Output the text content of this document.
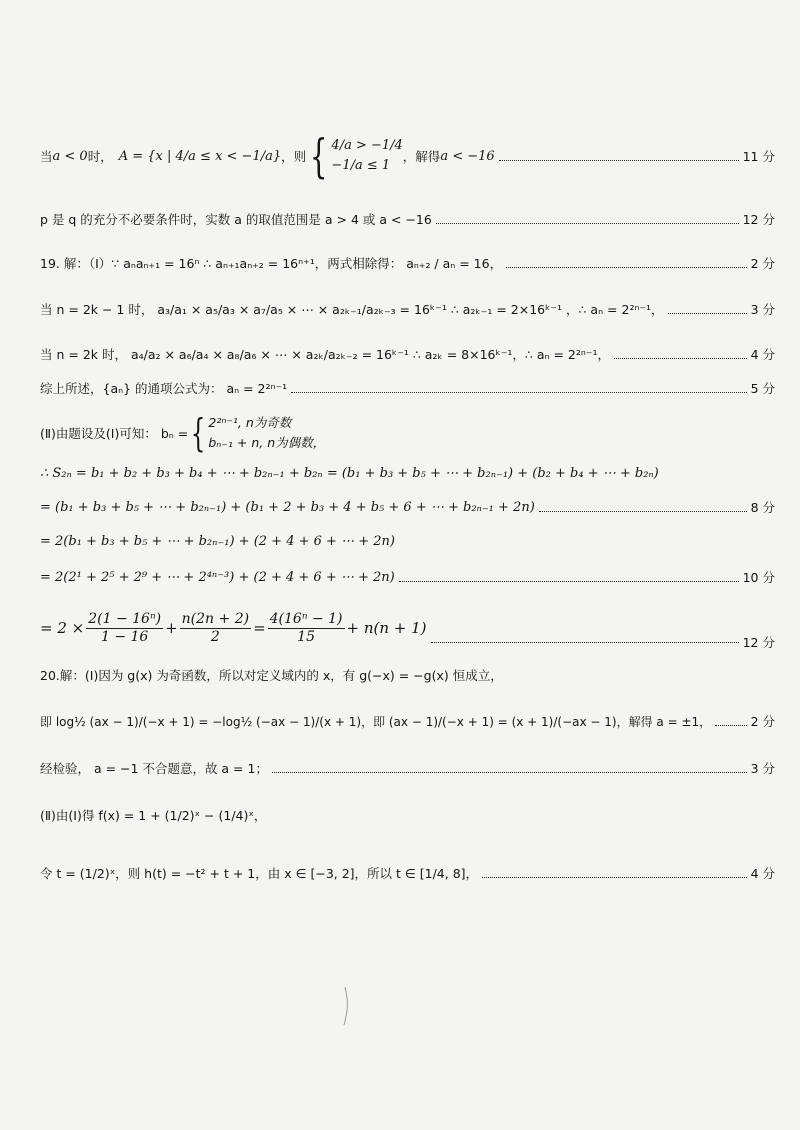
当 a < 0 时， A = {x | 4/a ≤ x < −1/a} ，则 { 4/a > −1/4
−1/a ≤ 1
，解得 a < −16	11 分
p 是 q 的充分不必要条件时，实数 a 的取值范围是 a > 4 或 a < −16	12 分
19. 解：（Ⅰ）∵ aₙaₙ₊₁ = 16ⁿ ∴ aₙ₊₁aₙ₊₂ = 16ⁿ⁺¹，两式相除得： aₙ₊₂ / aₙ = 16，	2 分
当 n = 2k − 1 时， a₃/a₁ × a₅/a₃ × a₇/a₅ × ⋯ × a₂ₖ₋₁/a₂ₖ₋₃ = 16ᵏ⁻¹ ∴ a₂ₖ₋₁ = 2×16ᵏ⁻¹ ，∴ aₙ = 2²ⁿ⁻¹，	3 分
当 n = 2k 时， a₄/a₂ × a₆/a₄ × a₈/a₆ × ⋯ × a₂ₖ/a₂ₖ₋₂ = 16ᵏ⁻¹ ∴ a₂ₖ = 8×16ᵏ⁻¹，∴ aₙ = 2²ⁿ⁻¹，	4 分
综上所述，{aₙ} 的通项公式为： aₙ = 2²ⁿ⁻¹	5 分
(Ⅱ)由题设及(Ⅰ)可知： bₙ = { 2²ⁿ⁻¹, n为奇数
bₙ₋₁ + n, n为偶数，
∴ S₂ₙ = b₁ + b₂ + b₃ + b₄ + ⋯ + b₂ₙ₋₁ + b₂ₙ = (b₁ + b₃ + b₅ + ⋯ + b₂ₙ₋₁) + (b₂ + b₄ + ⋯ + b₂ₙ)
= (b₁ + b₃ + b₅ + ⋯ + b₂ₙ₋₁) + (b₁ + 2 + b₃ + 4 + b₅ + 6 + ⋯ + b₂ₙ₋₁ + 2n)	8 分
= 2(b₁ + b₃ + b₅ + ⋯ + b₂ₙ₋₁) + (2 + 4 + 6 + ⋯ + 2n)
= 2(2¹ + 2⁵ + 2⁹ + ⋯ + 2⁴ⁿ⁻³) + (2 + 4 + 6 + ⋯ + 2n)	10 分
= $2 \times \frac{\text{2(1 − 16ⁿ)}}{1 - 16} + \frac{n(2n + 2)}{2} = \frac{\text{4(16ⁿ − 1)}}{15} + n(n + 1)$
12 分
20.解：(Ⅰ)因为 g(x) 为奇函数，所以对定义域内的 x，有 g(−x) = −g(x) 恒成立，
即 log½ (ax − 1)/(−x + 1) = −log½ (−ax − 1)/(x + 1)，即 (ax − 1)/(−x + 1) = (x + 1)/(−ax − 1)，解得 a = ±1，	2 分
经检验， a = −1 不合题意，故 a = 1；	3 分
(Ⅱ)由(Ⅰ)得 f(x) = 1 + (1/2)ˣ − (1/4)ˣ，
令 t = (1/2)ˣ，则 h(t) = −t² + t + 1，由 x ∈ [−3, 2]，所以 t ∈ [1/4, 8]，	4 分
